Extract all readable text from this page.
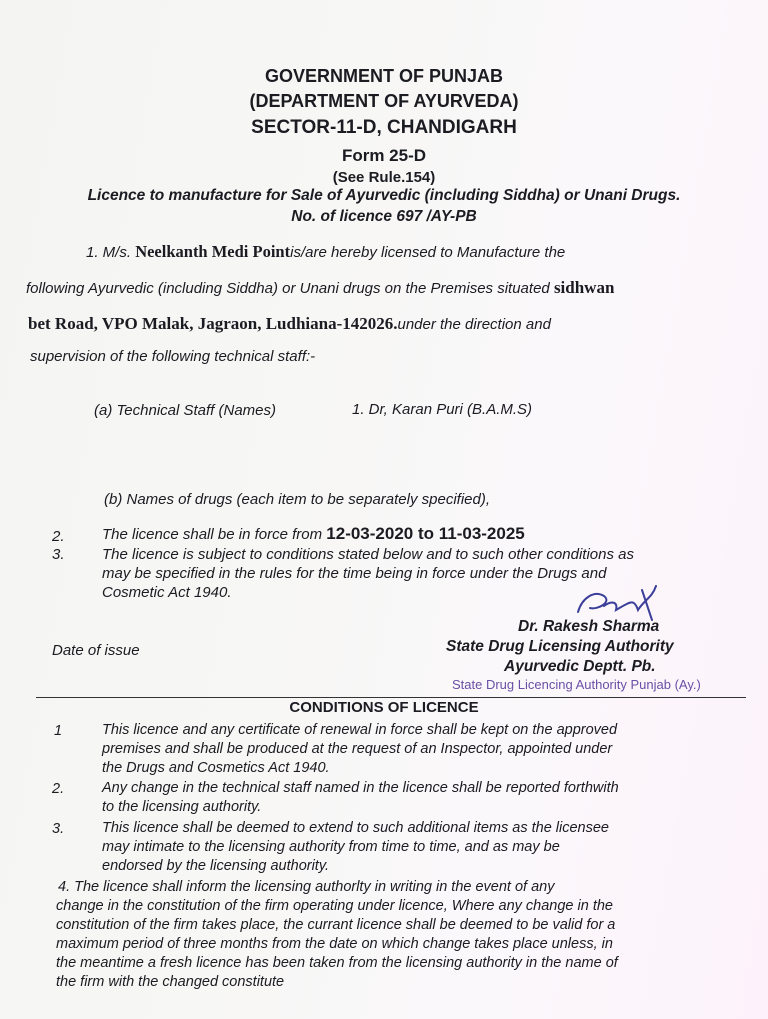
GOVERNMENT OF PUNJAB
(DEPARTMENT OF AYURVEDA)
SECTOR-11-D, CHANDIGARH
Form 25-D
(See Rule.154)
Licence to manufacture for Sale of Ayurvedic (including Siddha) or Unani Drugs.
No. of licence 697 /AY-PB
1. M/s. Neelkanth Medi Pointis/are hereby licensed to Manufacture the
following Ayurvedic (including Siddha) or Unani drugs on the Premises situated sidhwan
bet Road, VPO Malak, Jagraon, Ludhiana-142026.under the direction and
supervision of the following technical staff:-
(a) Technical Staff (Names)	1. Dr, Karan Puri (B.A.M.S)
(b) Names of drugs (each item to be separately specified),
2. The licence shall be in force from 12-03-2020 to 11-03-2025
3. The licence is subject to conditions stated below and to such other conditions as
may be specified in the rules for the time being in force under the Drugs and
Cosmetic Act 1940.
Dr. Rakesh Sharma
Date of issue	State Drug Licensing Authority
Ayurvedic Deptt. Pb.
State Drug Licencing Authority Punjab (Ay.)
CONDITIONS OF LICENCE
1	This licence and any certificate of renewal in force shall be kept on the approved
premises and shall be produced at the request of an Inspector, appointed under
the Drugs and Cosmetics Act 1940.
2.	Any change in the technical staff named in the licence shall be reported forthwith
to the licensing authority.
3.	This licence shall be deemed to extend to such additional items as the licensee
may intimate to the licensing authority from time to time, and as may be
endorsed by the licensing authority.
4. The licence shall inform the licensing authorlty in writing in the event of any
change in the constitution of the firm operating under licence, Where any change in the
constitution of the firm takes place, the currant licence shall be deemed to be valid for a
maximum period of three months from the date on which change takes place unless, in
the meantime a fresh licence has been taken from the licensing authority in the name of
the firm with the changed constitute
